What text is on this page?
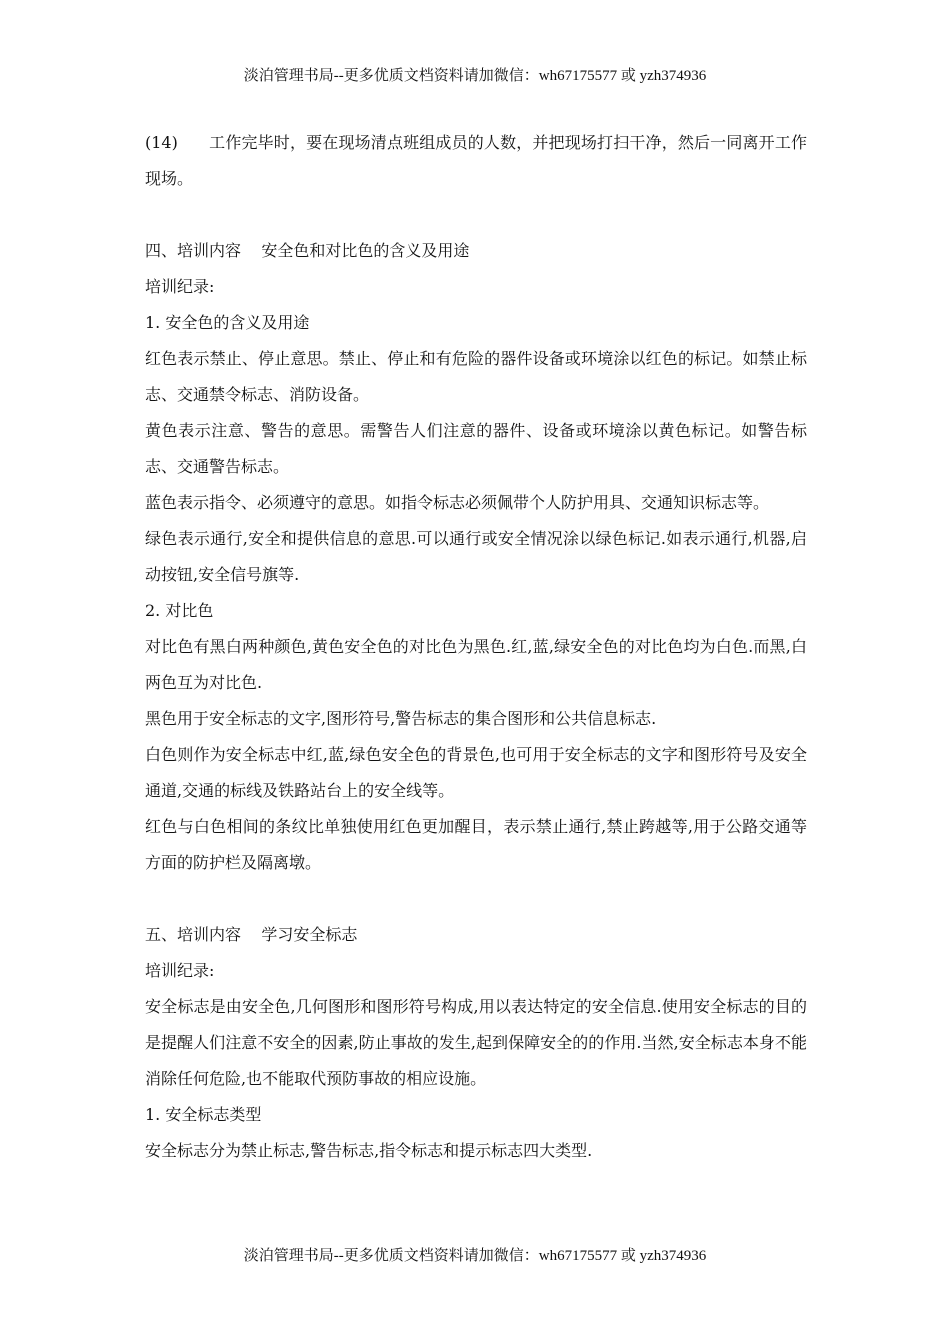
淡泊管理书局--更多优质文档资料请加微信：wh67175577 或 yzh374936

(14) 工作完毕时，要在现场清点班组成员的人数，并把现场打扫干净，然后一同离开工作现场。

四、培训内容    安全色和对比色的含义及用途

培训纪录:

1. 安全色的含义及用途

红色表示禁止、停止意思。禁止、停止和有危险的器件设备或环境涂以红色的标记。如禁止标志、交通禁令标志、消防设备。

黄色表示注意、警告的意思。需警告人们注意的器件、设备或环境涂以黄色标记。如警告标志、交通警告标志。

蓝色表示指令、必须遵守的意思。如指令标志必须佩带个人防护用具、交通知识标志等。

绿色表示通行,安全和提供信息的意思.可以通行或安全情况涂以绿色标记.如表示通行,机器,启动按钮,安全信号旗等.

2. 对比色

对比色有黑白两种颜色,黄色安全色的对比色为黑色.红,蓝,绿安全色的对比色均为白色.而黑,白两色互为对比色.

黑色用于安全标志的文字,图形符号,警告标志的集合图形和公共信息标志.

白色则作为安全标志中红,蓝,绿色安全色的背景色,也可用于安全标志的文字和图形符号及安全通道,交通的标线及铁路站台上的安全线等。

红色与白色相间的条纹比单独使用红色更加醒目，表示禁止通行,禁止跨越等,用于公路交通等方面的防护栏及隔离墩。

五、培训内容    学习安全标志

培训纪录:

安全标志是由安全色,几何图形和图形符号构成,用以表达特定的安全信息.使用安全标志的目的是提醒人们注意不安全的因素,防止事故的发生,起到保障安全的的作用.当然,安全标志本身不能消除任何危险,也不能取代预防事故的相应设施。

1. 安全标志类型

安全标志分为禁止标志,警告标志,指令标志和提示标志四大类型.

淡泊管理书局--更多优质文档资料请加微信：wh67175577 或 yzh374936
